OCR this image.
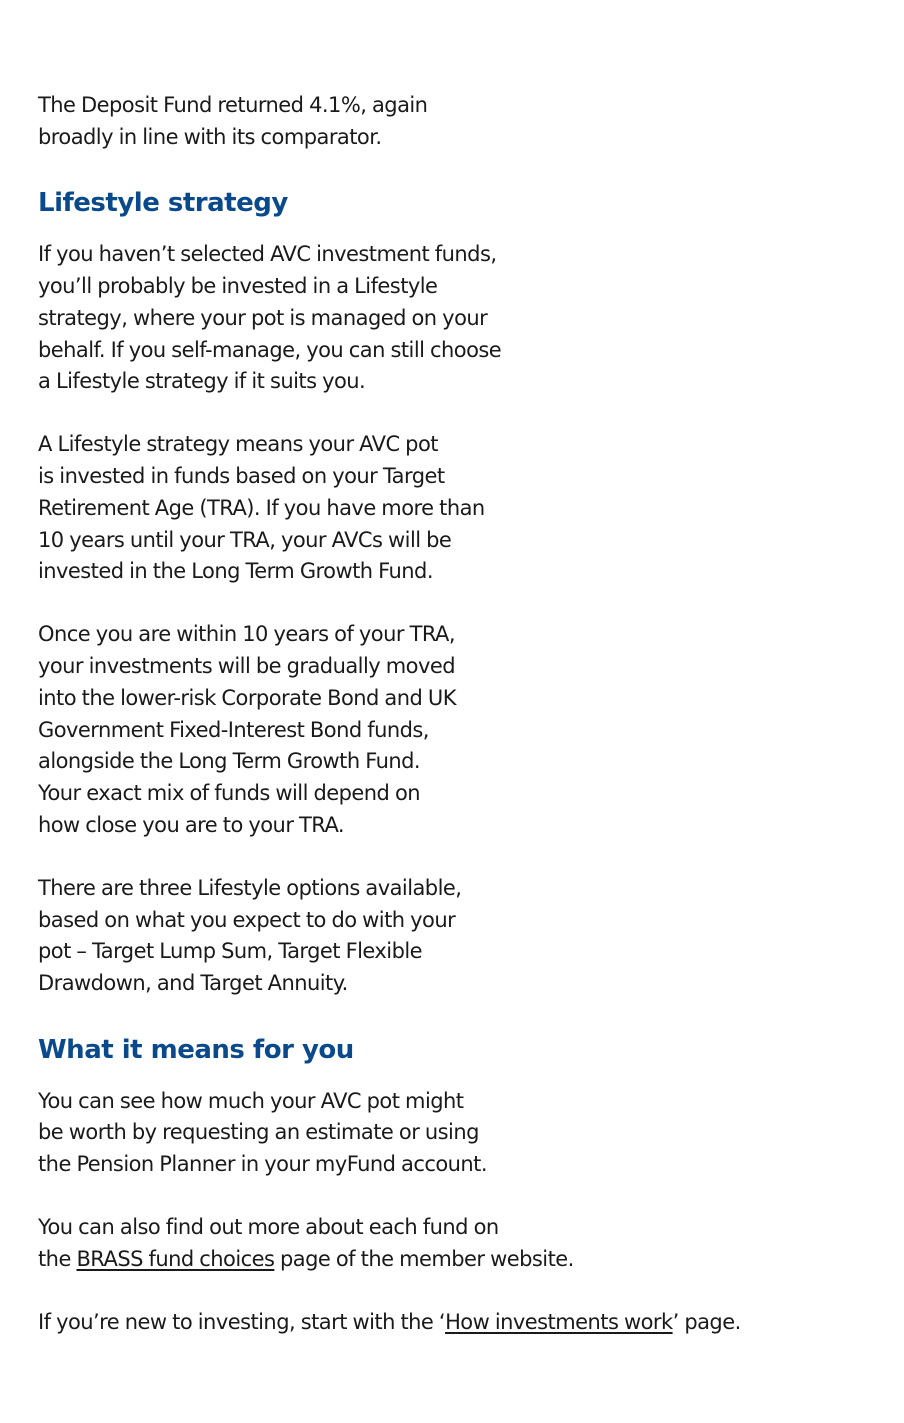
The Deposit Fund returned 4.1%, again
broadly in line with its comparator.

Lifestyle strategy

If you haven’t selected AVC investment funds,
you’ll probably be invested in a Lifestyle
strategy, where your pot is managed on your
behalf. If you self-manage, you can still choose
a Lifestyle strategy if it suits you.

A Lifestyle strategy means your AVC pot
is invested in funds based on your Target
Retirement Age (TRA). If you have more than
10 years until your TRA, your AVCs will be
invested in the Long Term Growth Fund.

Once you are within 10 years of your TRA,
your investments will be gradually moved
into the lower-risk Corporate Bond and UK
Government Fixed-Interest Bond funds,
alongside the Long Term Growth Fund.
Your exact mix of funds will depend on
how close you are to your TRA.

There are three Lifestyle options available,
based on what you expect to do with your
pot – Target Lump Sum, Target Flexible
Drawdown, and Target Annuity.

What it means for you

You can see how much your AVC pot might
be worth by requesting an estimate or using
the Pension Planner in your myFund account.

You can also find out more about each fund on
the BRASS fund choices page of the member website.

If you’re new to investing, start with the ‘How investments work’ page.
